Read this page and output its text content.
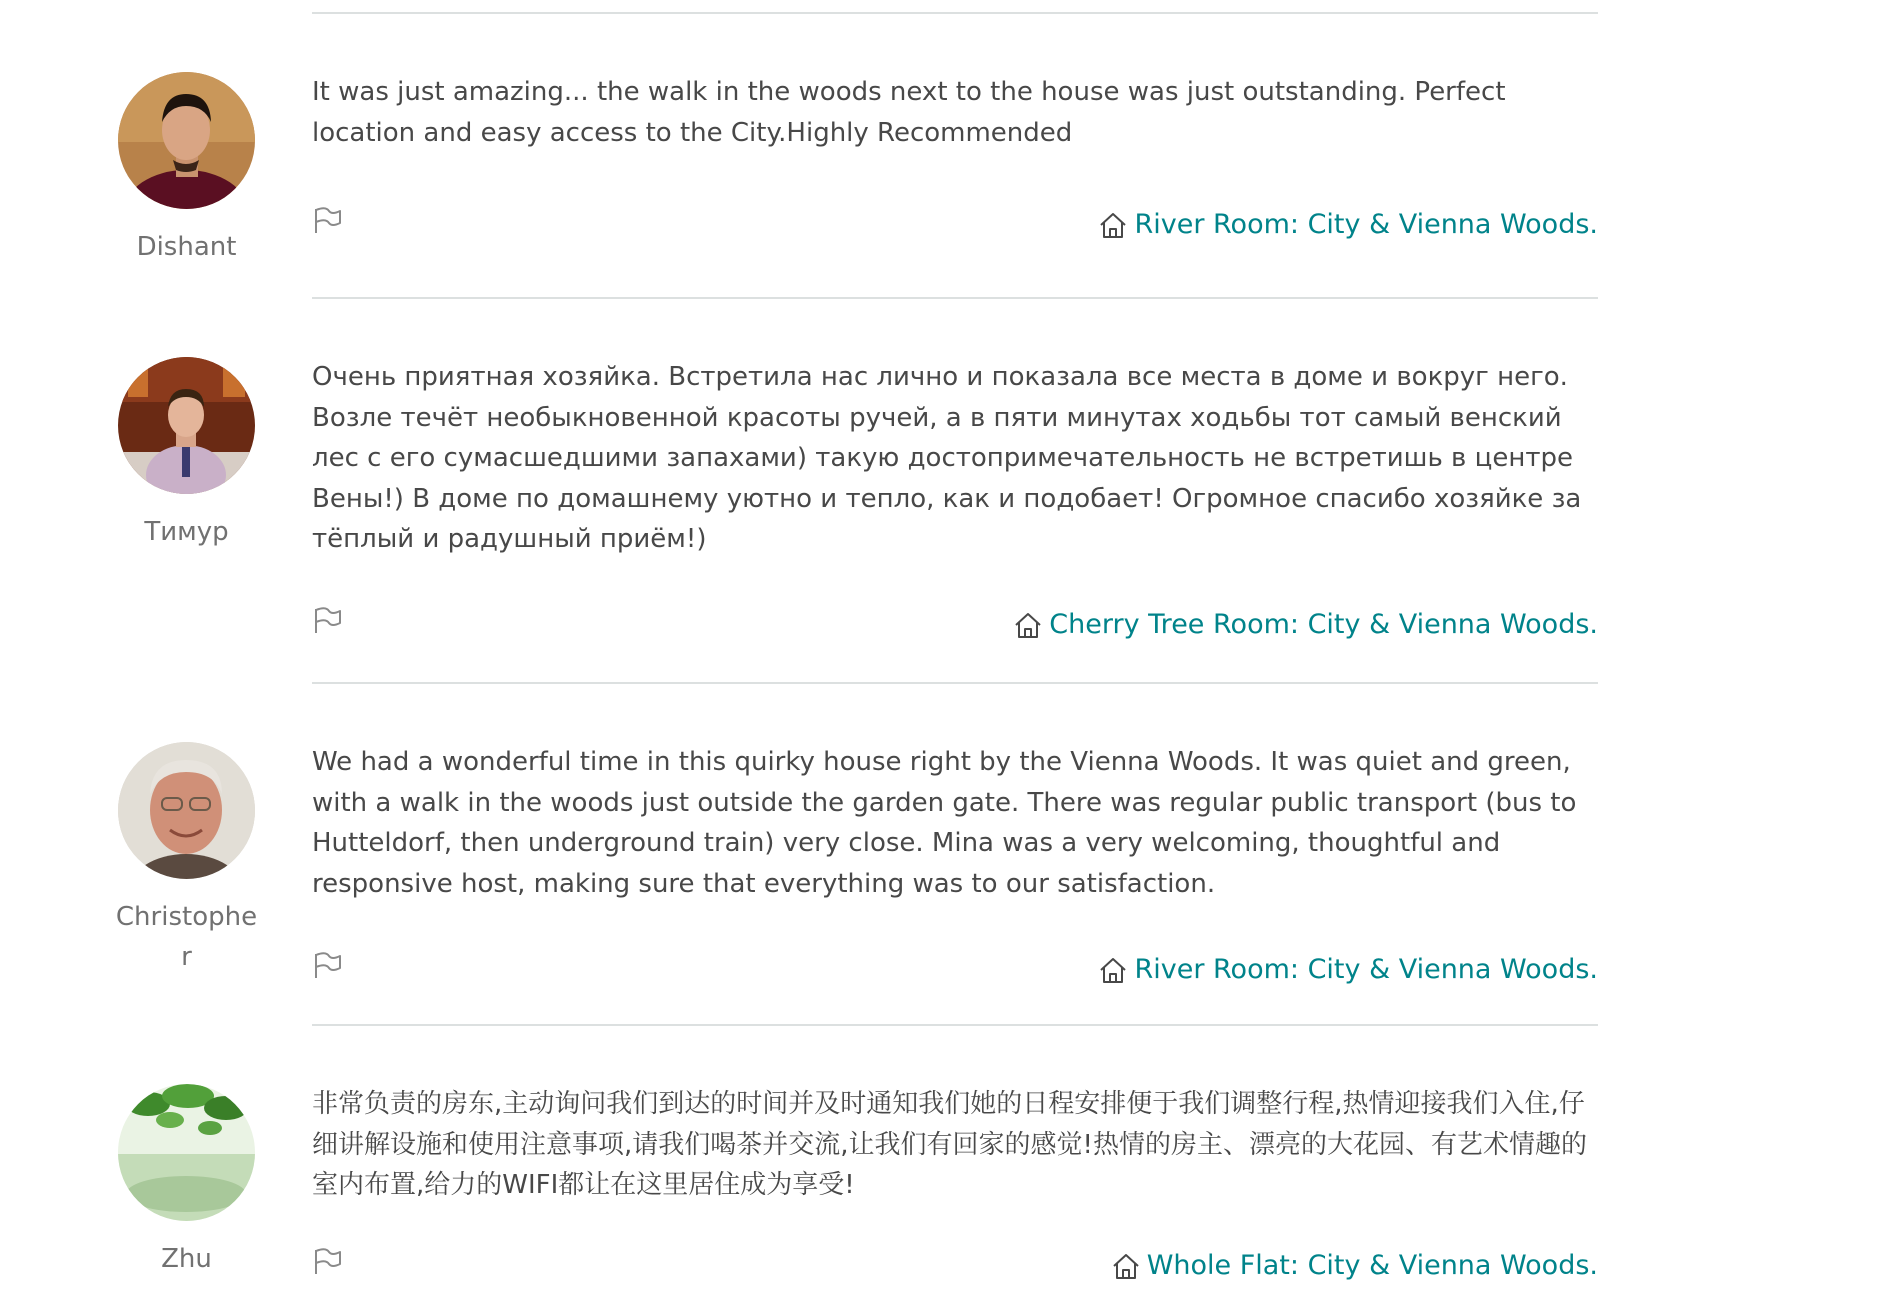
Dishant

It was just amazing... the walk in the woods next to the house was just outstanding. Perfect location and easy access to the City.Highly Recommended

River Room: City & Vienna Woods.
Тимур

Очень приятная хозяйка. Встретила нас лично и показала все места в доме и вокруг него. Возле течёт необыкновенной красоты ручей, а в пяти минутах ходьбы тот самый венский лес с его сумасшедшими запахами) такую достопримечательность не встретишь в центре Вены!) В доме по домашнему уютно и тепло, как и подобает! Огромное спасибо хозяйке за тёплый и радушный приём!)

Cherry Tree Room: City & Vienna Woods.
Christopher

We had a wonderful time in this quirky house right by the Vienna Woods. It was quiet and green, with a walk in the woods just outside the garden gate. There was regular public transport (bus to Hutteldorf, then underground train) very close. Mina was a very welcoming, thoughtful and responsive host, making sure that everything was to our satisfaction.

River Room: City & Vienna Woods.
Zhu

非常负责的房东,主动询问我们到达的时间并及时通知我们她的日程安排便于我们调整行程,热情迎接我们入住,仔细讲解设施和使用注意事项,请我们喝茶并交流,让我们有回家的感觉!热情的房主、漂亮的大花园、有艺术情趣的室内布置,给力的WIFI都让在这里居住成为享受!

Whole Flat: City & Vienna Woods.
